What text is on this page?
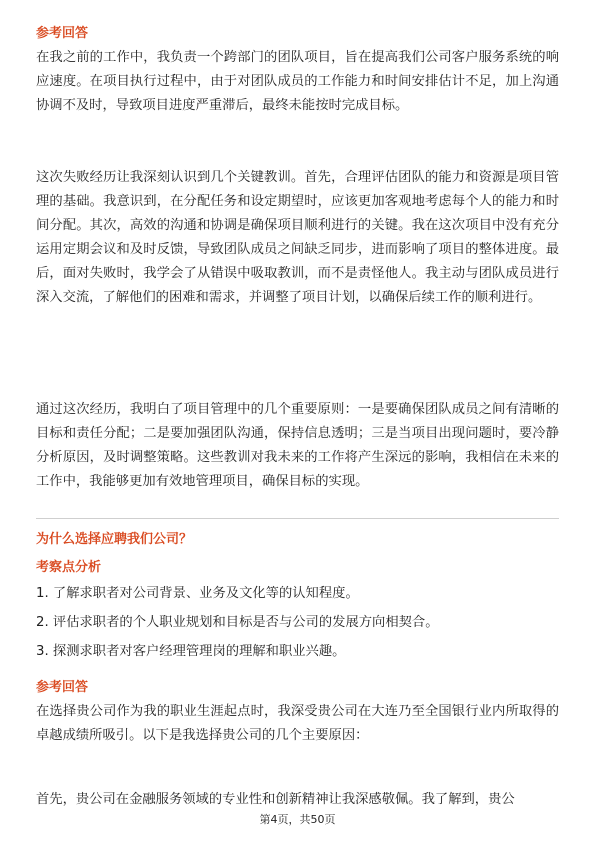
参考回答

在我之前的工作中，我负责一个跨部门的团队项目，旨在提高我们公司客户服务系统的响应速度。在项目执行过程中，由于对团队成员的工作能力和时间安排估计不足，加上沟通协调不及时，导致项目进度严重滞后，最终未能按时完成目标。

这次失败经历让我深刻认识到几个关键教训。首先，合理评估团队的能力和资源是项目管理的基础。我意识到，在分配任务和设定期望时，应该更加客观地考虑每个人的能力和时间分配。其次，高效的沟通和协调是确保项目顺利进行的关键。我在这次项目中没有充分运用定期会议和及时反馈，导致团队成员之间缺乏同步，进而影响了项目的整体进度。最后，面对失败时，我学会了从错误中吸取教训，而不是责怪他人。我主动与团队成员进行深入交流，了解他们的困难和需求，并调整了项目计划，以确保后续工作的顺利进行。

通过这次经历，我明白了项目管理中的几个重要原则：一是要确保团队成员之间有清晰的目标和责任分配；二是要加强团队沟通，保持信息透明；三是当项目出现问题时，要冷静分析原因，及时调整策略。这些教训对我未来的工作将产生深远的影响，我相信在未来的工作中，我能够更加有效地管理项目，确保目标的实现。

为什么选择应聘我们公司？

考察点分析

1. 了解求职者对公司背景、业务及文化等的认知程度。

2. 评估求职者的个人职业规划和目标是否与公司的发展方向相契合。

3. 探测求职者对客户经理管理岗的理解和职业兴趣。

参考回答

在选择贵公司作为我的职业生涯起点时，我深受贵公司在大连乃至全国银行业内所取得的卓越成绩所吸引。以下是我选择贵公司的几个主要原因：

首先，贵公司在金融服务领域的专业性和创新精神让我深感敬佩。我了解到，贵公

第4页，共50页
